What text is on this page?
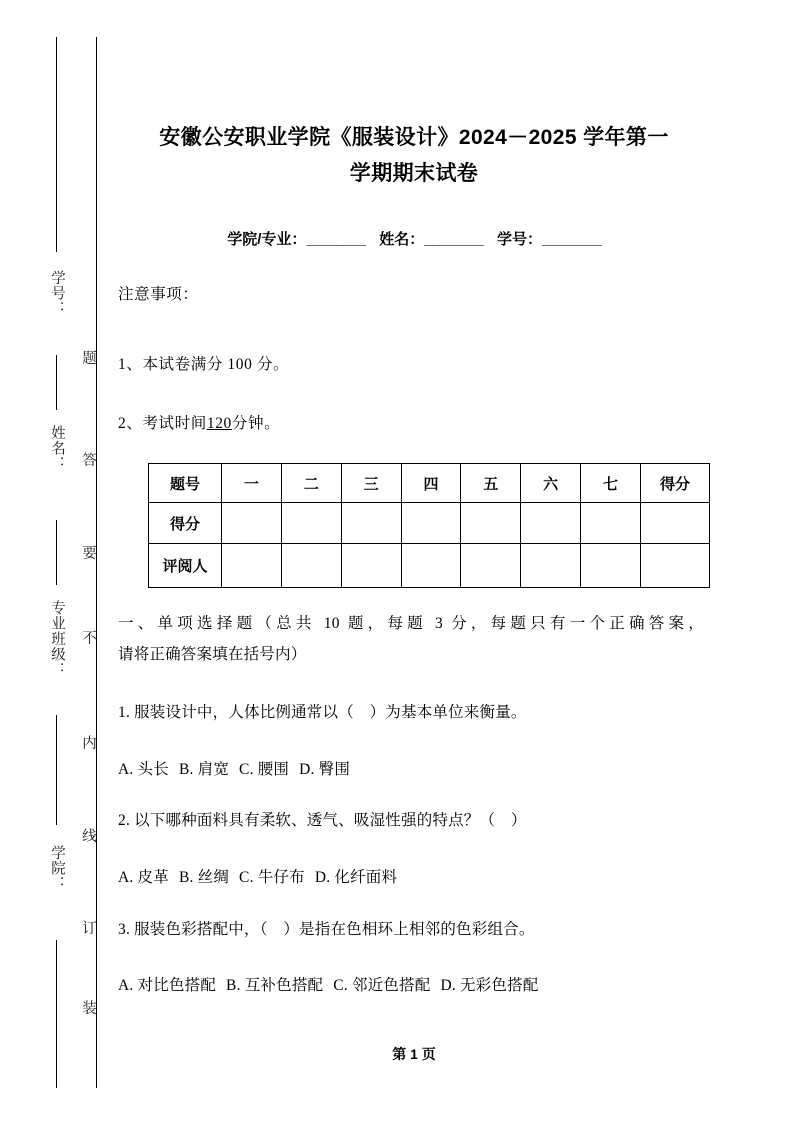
学号：
姓名：
专业班级：
学院：
题
答
要
不
内
线
订
装
安徽公安职业学院《服装设计》2024－2025 学年第一
学期期末试卷
学院/专业：________ 姓名：________ 学号：________
注意事项：
1、本试卷满分 100 分。
2、考试时间120分钟。
题号	一	二	三	四	五	六	七	得分
得分								
评阅人								
一、单项选择题（总共 10 题，每题 3 分，每题只有一个正确答案，
请将正确答案填在括号内）
1. 服装设计中，人体比例通常以（　）为基本单位来衡量。
A. 头长 B. 肩宽 C. 腰围 D. 臀围
2. 以下哪种面料具有柔软、透气、吸湿性强的特点？（　）
A. 皮革 B. 丝绸 C. 牛仔布 D. 化纤面料
3. 服装色彩搭配中，（　）是指在色相环上相邻的色彩组合。
A. 对比色搭配 B. 互补色搭配 C. 邻近色搭配 D. 无彩色搭配
第 1 页
